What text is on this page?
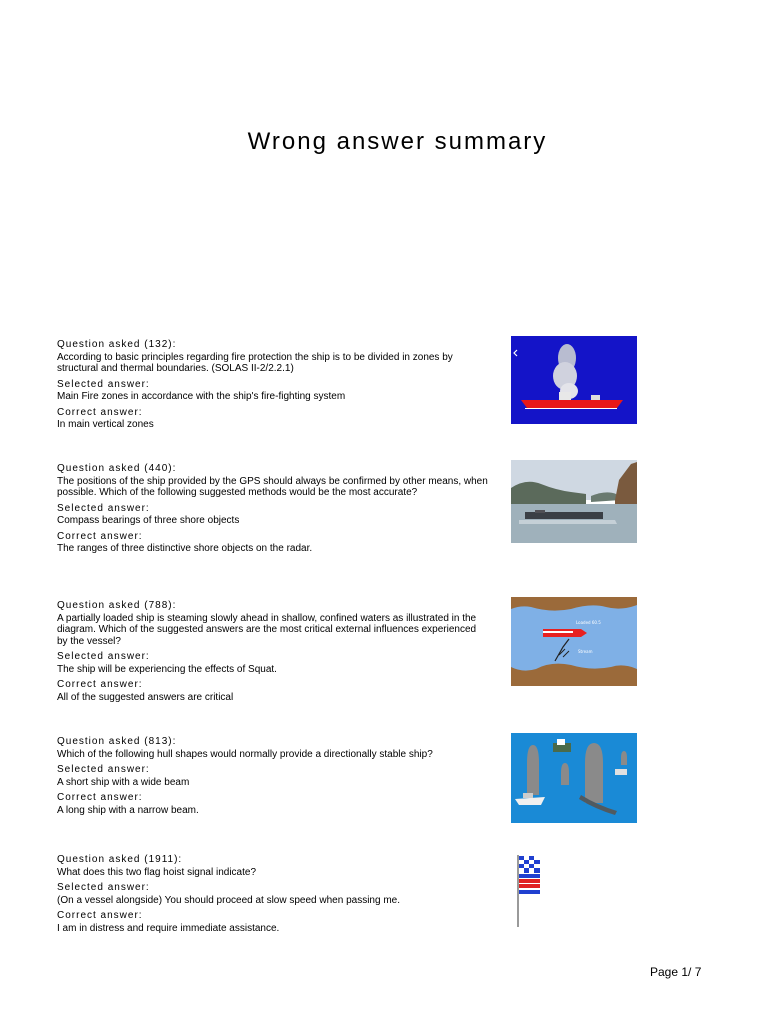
Wrong answer summary
Question asked (132):
According to basic principles regarding fire protection the ship is to be divided in zones by structural and thermal boundaries. (SOLAS II-2/2.2.1)
Selected answer:
Main Fire zones in accordance with the ship's fire-fighting system
Correct answer:
In main vertical zones
Question asked (440):
The positions of the ship provided by the GPS should always be confirmed by other means, when possible. Which of the following suggested methods would be the most accurate?
Selected answer:
Compass bearings of three shore objects
Correct answer:
The ranges of three distinctive shore objects on the radar.
Question asked (788):
A partially loaded ship is steaming slowly ahead in shallow, confined waters as illustrated in the diagram. Which of the suggested answers are the most critical external influences experienced by the vessel?
Selected answer:
The ship will be experiencing the effects of Squat.
Correct answer:
All of the suggested answers are critical
Loaded 60.5
Stream
Question asked (813):
Which of the following hull shapes would normally provide a directionally stable ship?
Selected answer:
A short ship with a wide beam
Correct answer:
A long ship with a narrow beam.
Question asked (1911):
What does this two flag hoist signal indicate?
Selected answer:
(On a vessel alongside) You should proceed at slow speed when passing me.
Correct answer:
I am in distress and require immediate assistance.
Page 1/ 7
